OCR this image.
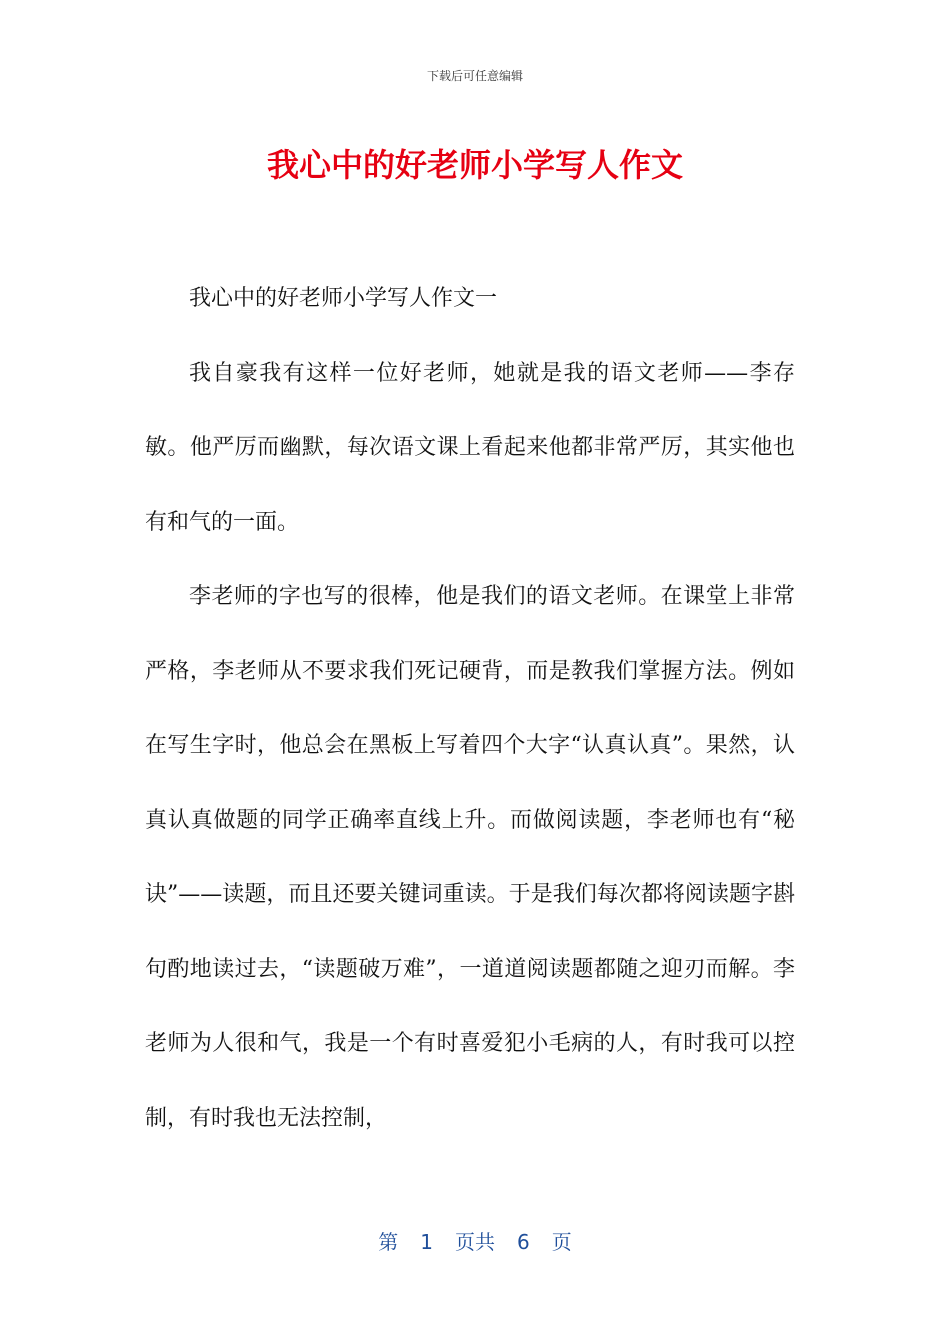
下载后可任意编辑
我心中的好老师小学写人作文

我心中的好老师小学写人作文一

我自豪我有这样一位好老师，她就是我的语文老师——李存敏。他严厉而幽默，每次语文课上看起来他都非常严厉，其实他也有和气的一面。

李老师的字也写的很棒，他是我们的语文老师。在课堂上非常严格，李老师从不要求我们死记硬背，而是教我们掌握方法。例如在写生字时，他总会在黑板上写着四个大字“认真认真”。果然，认真认真做题的同学正确率直线上升。而做阅读题，李老师也有“秘诀”——读题，而且还要关键词重读。于是我们每次都将阅读题字斟句酌地读过去，“读题破万难”，一道道阅读题都随之迎刃而解。李老师为人很和气，我是一个有时喜爱犯小毛病的人，有时我可以控制，有时我也无法控制，

第 1 页共 6 页
